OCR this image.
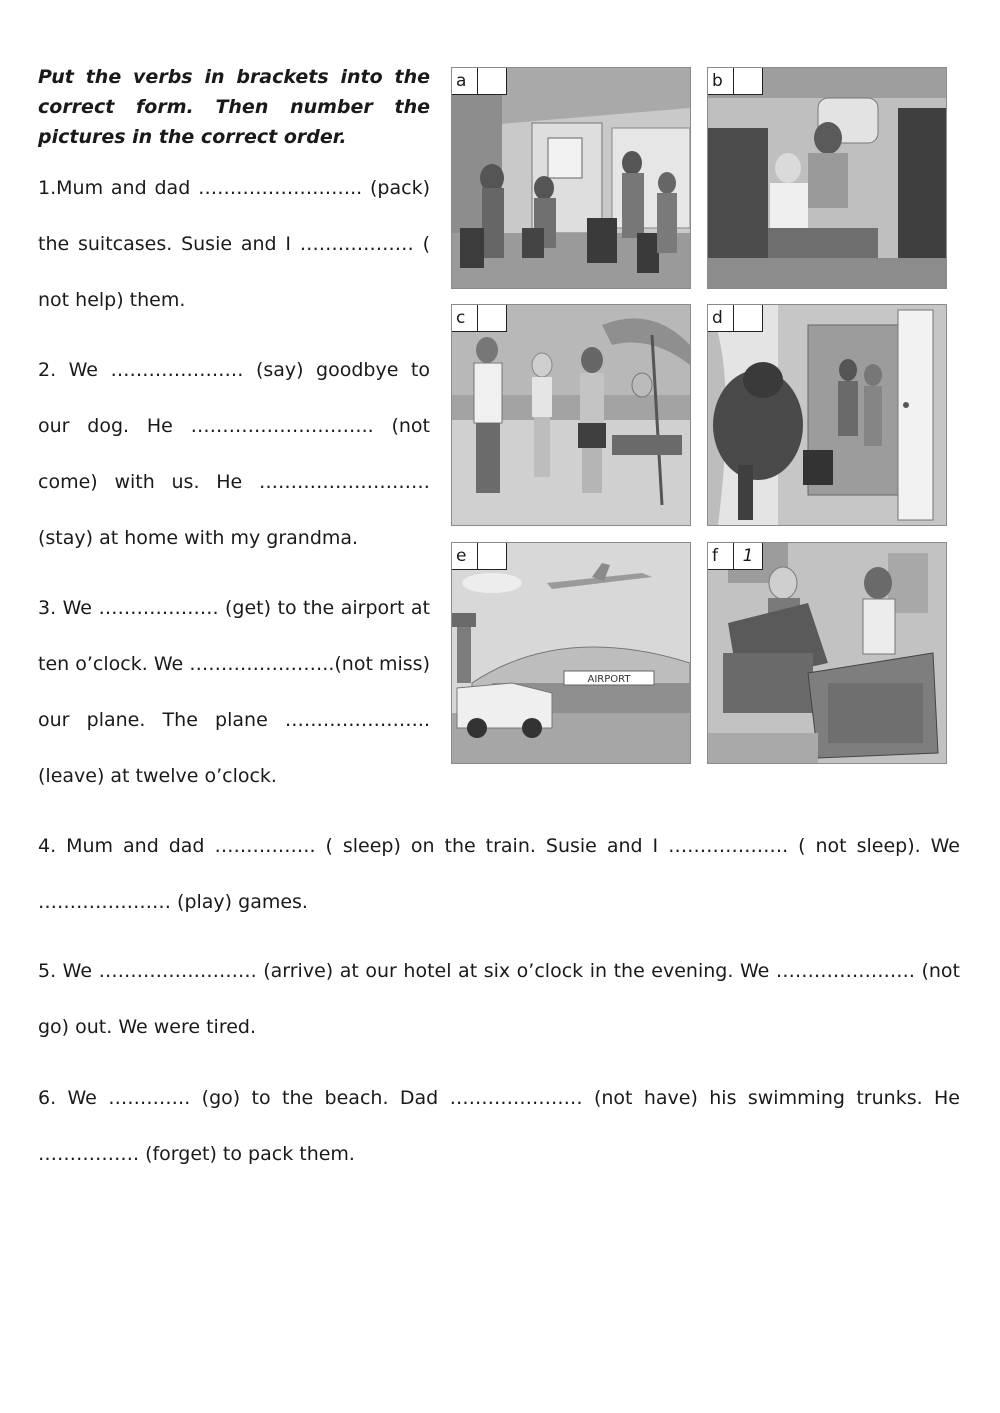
Put the verbs in brackets into the correct form. Then number the pictures in the correct order.

1.Mum and dad …………………….. (pack) the suitcases. Susie and I ……………… ( not help) them.

2. We ………………… (say) goodbye to our dog. He ……………………….. (not come) with us. He ……………………… (stay) at home with my grandma.

3. We ………………. (get) to the airport at ten o’clock. We …………………..(not miss) our plane. The plane …………………..(leave) at twelve o’clock.

4. Mum and dad ……………. ( sleep) on the train. Susie and I ………………. ( not sleep). We ………………… (play) games.

5. We ……………………. (arrive) at our hotel at six o’clock in the evening. We …………………. (not go) out. We were tired.

6. We …………. (go) to the beach. Dad ………………… (not have) his swimming trunks. He ……………. (forget) to pack them.

a	b
c	d
AIRPORT
e	f	1
